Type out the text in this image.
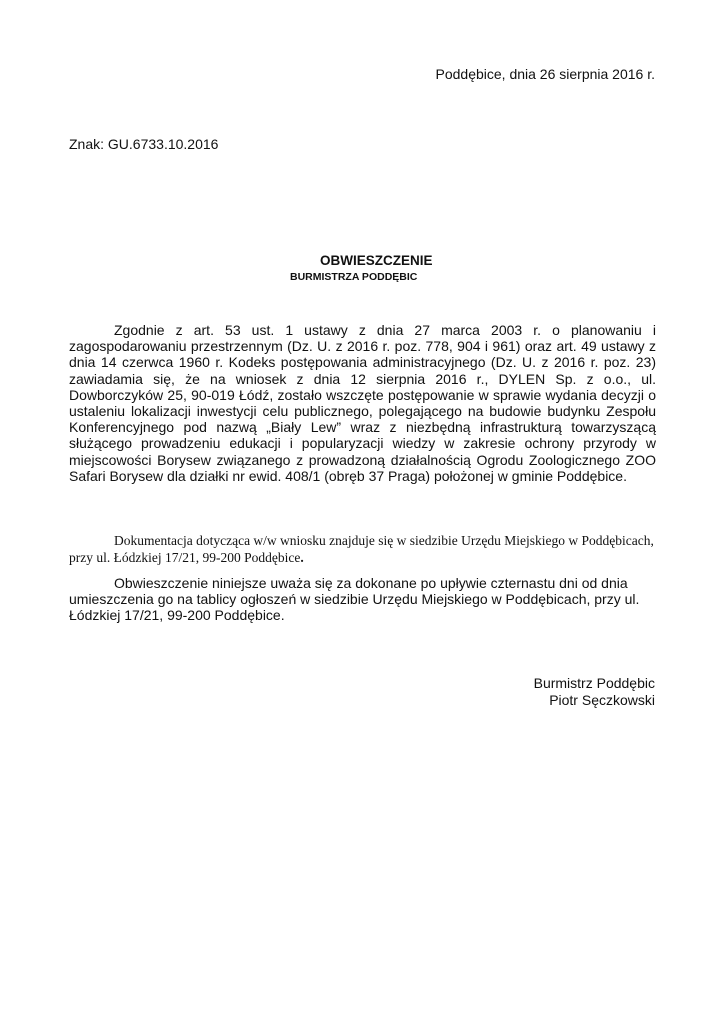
Poddębice, dnia 26 sierpnia 2016 r.
Znak: GU.6733.10.2016
OBWIESZCZENIE
BURMISTRZA PODDĘBIC

Zgodnie z art. 53 ust. 1 ustawy z dnia 27 marca 2003 r. o planowaniu i zagospodarowaniu przestrzennym (Dz. U. z 2016 r. poz. 778, 904 i 961) oraz art. 49 ustawy z dnia 14 czerwca 1960 r. Kodeks postępowania administracyjnego (Dz. U. z 2016 r. poz. 23) zawiadamia się, że na wniosek z dnia 12 sierpnia 2016 r., DYLEN Sp. z o.o., ul. Dowborczyków 25, 90-019 Łódź, zostało wszczęte postępowanie w sprawie wydania decyzji o ustaleniu lokalizacji inwestycji celu publicznego, polegającego na budowie budynku Zespołu Konferencyjnego pod nazwą „Biały Lew” wraz z niezbędną infrastrukturą towarzyszącą służącego prowadzeniu edukacji i popularyzacji wiedzy w zakresie ochrony przyrody w miejscowości Borysew związanego z prowadzoną działalnością Ogrodu Zoologicznego ZOO Safari Borysew dla działki nr ewid. 408/1 (obręb 37 Praga) położonej w gminie Poddębice.

Dokumentacja dotycząca w/w wniosku znajduje się w siedzibie Urzędu Miejskiego w Poddębicach, przy ul. Łódzkiej 17/21, 99-200 Poddębice.

Obwieszczenie niniejsze uważa się za dokonane po upływie czternastu dni od dnia umieszczenia go na tablicy ogłoszeń w siedzibie Urzędu Miejskiego w Poddębicach, przy ul. Łódzkiej 17/21, 99-200 Poddębice.

Burmistrz Poddębic
Piotr Sęczkowski
